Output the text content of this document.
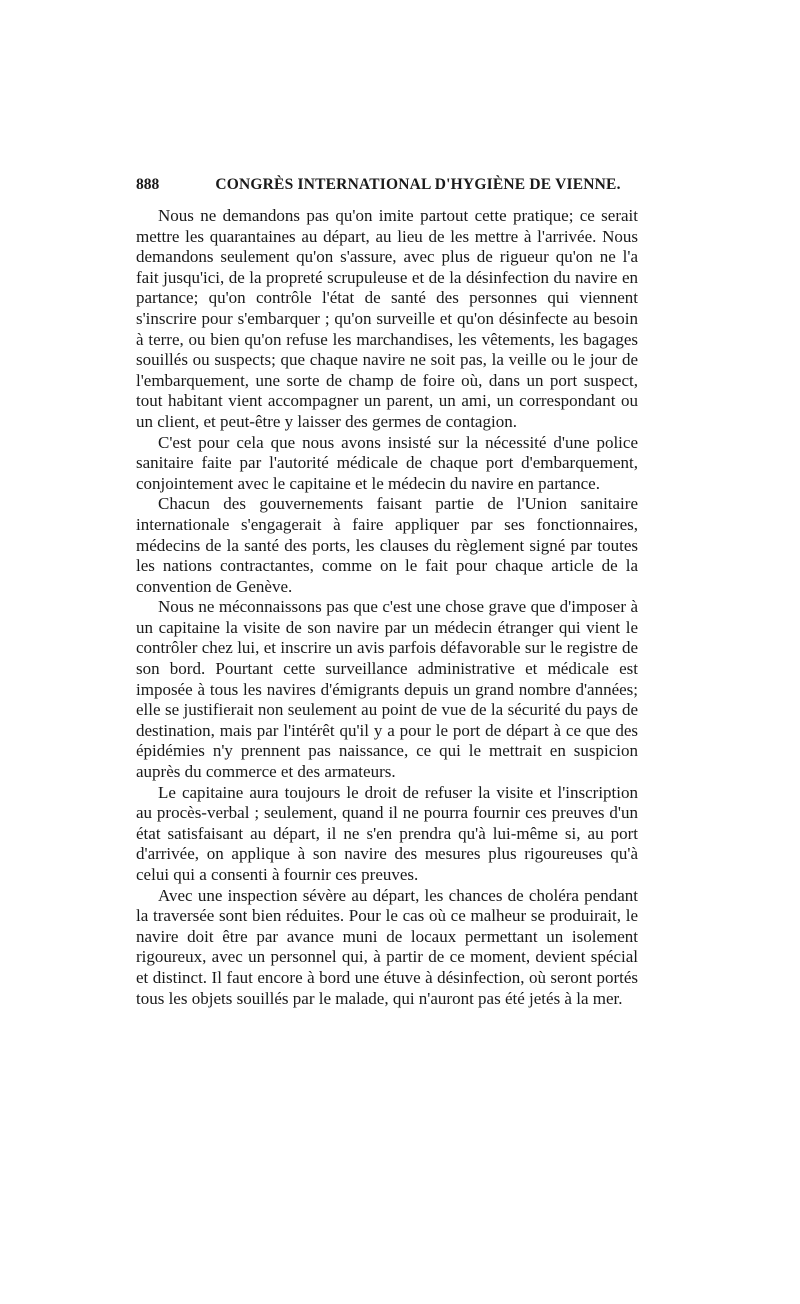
888	CONGRÈS INTERNATIONAL D'HYGIÈNE DE VIENNE.

Nous ne demandons pas qu'on imite partout cette pratique; ce serait mettre les quarantaines au départ, au lieu de les mettre à l'arrivée. Nous demandons seulement qu'on s'assure, avec plus de rigueur qu'on ne l'a fait jusqu'ici, de la propreté scrupuleuse et de la désinfection du navire en partance; qu'on contrôle l'état de santé des personnes qui viennent s'inscrire pour s'embarquer ; qu'on surveille et qu'on désinfecte au besoin à terre, ou bien qu'on refuse les marchandises, les vêtements, les bagages souillés ou suspects; que chaque navire ne soit pas, la veille ou le jour de l'embarquement, une sorte de champ de foire où, dans un port suspect, tout habitant vient accompagner un parent, un ami, un correspondant ou un client, et peut-être y laisser des germes de contagion.

C'est pour cela que nous avons insisté sur la nécessité d'une police sanitaire faite par l'autorité médicale de chaque port d'embarquement, conjointement avec le capitaine et le médecin du navire en partance.

Chacun des gouvernements faisant partie de l'Union sanitaire internationale s'engagerait à faire appliquer par ses fonctionnaires, médecins de la santé des ports, les clauses du règlement signé par toutes les nations contractantes, comme on le fait pour chaque article de la convention de Genève.

Nous ne méconnaissons pas que c'est une chose grave que d'imposer à un capitaine la visite de son navire par un médecin étranger qui vient le contrôler chez lui, et inscrire un avis parfois défavorable sur le registre de son bord. Pourtant cette surveillance administrative et médicale est imposée à tous les navires d'émigrants depuis un grand nombre d'années; elle se justifierait non seulement au point de vue de la sécurité du pays de destination, mais par l'intérêt qu'il y a pour le port de départ à ce que des épidémies n'y prennent pas naissance, ce qui le mettrait en suspicion auprès du commerce et des armateurs.

Le capitaine aura toujours le droit de refuser la visite et l'inscription au procès-verbal ; seulement, quand il ne pourra fournir ces preuves d'un état satisfaisant au départ, il ne s'en prendra qu'à lui-même si, au port d'arrivée, on applique à son navire des mesures plus rigoureuses qu'à celui qui a consenti à fournir ces preuves.

Avec une inspection sévère au départ, les chances de choléra pendant la traversée sont bien réduites. Pour le cas où ce malheur se produirait, le navire doit être par avance muni de locaux permettant un isolement rigoureux, avec un personnel qui, à partir de ce moment, devient spécial et distinct. Il faut encore à bord une étuve à désinfection, où seront portés tous les objets souillés par le malade, qui n'auront pas été jetés à la mer.
